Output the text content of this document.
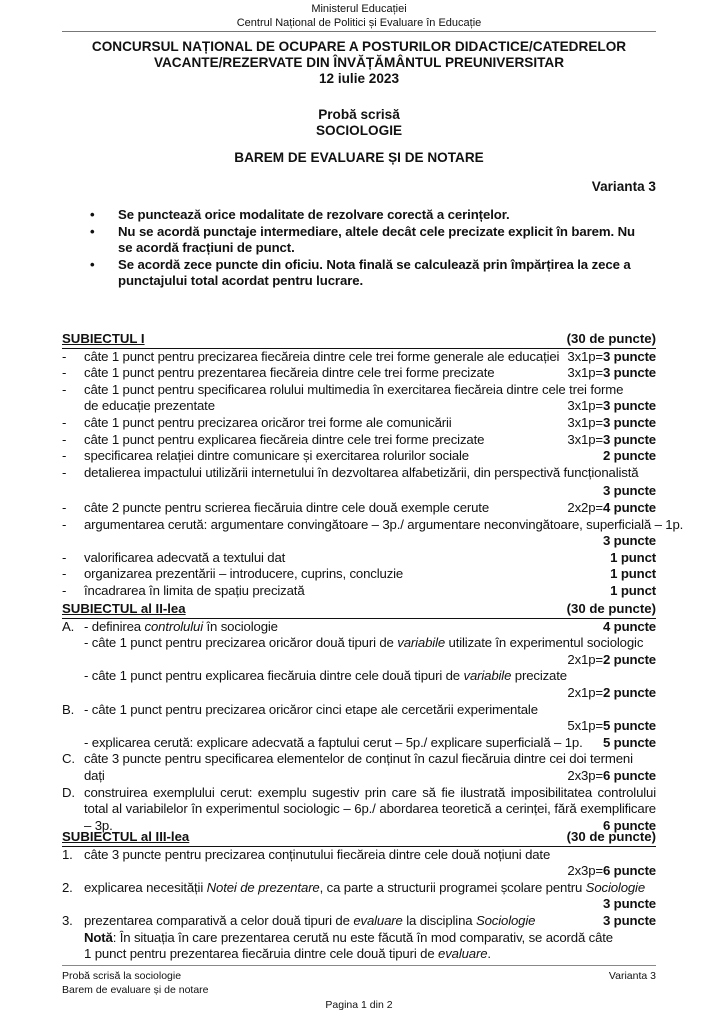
Ministerul Educației
Centrul Național de Politici și Evaluare în Educație
CONCURSUL NAȚIONAL DE OCUPARE A POSTURILOR DIDACTICE/CATEDRELOR
VACANTE/REZERVATE DIN ÎNVĂȚĂMÂNTUL PREUNIVERSITAR
12 iulie 2023
Probă scrisă
SOCIOLOGIE
BAREM DE EVALUARE ȘI DE NOTARE
Varianta 3
• Se punctează orice modalitate de rezolvare corectă a cerințelor.
• Nu se acordă punctaje intermediare, altele decât cele precizate explicit în barem. Nu
se acordă fracțiuni de punct.
• Se acordă zece puncte din oficiu. Nota finală se calculează prin împărțirea la zece a
punctajului total acordat pentru lucrare.
SUBIECTUL I	(30 de puncte)
- câte 1 punct pentru precizarea fiecăreia dintre cele trei forme generale ale educației 3x1p=3 puncte
- câte 1 punct pentru prezentarea fiecăreia dintre cele trei forme precizate	3x1p=3 puncte
- câte 1 punct pentru specificarea rolului multimedia în exercitarea fiecăreia dintre cele trei forme
de educație prezentate	3x1p=3 puncte
- câte 1 punct pentru precizarea oricăror trei forme ale comunicării	3x1p=3 puncte
- câte 1 punct pentru explicarea fiecăreia dintre cele trei forme precizate	3x1p=3 puncte
- specificarea relației dintre comunicare și exercitarea rolurilor sociale	2 puncte
- detalierea impactului utilizării internetului în dezvoltarea alfabetizării, din perspectivă funcționalistă
3 puncte
- câte 2 puncte pentru scrierea fiecăruia dintre cele două exemple cerute	2x2p=4 puncte
- argumentarea cerută: argumentare convingătoare – 3p./ argumentare neconvingătoare, superficială – 1p.
3 puncte
- valorificarea adecvată a textului dat	1 punct
- organizarea prezentării – introducere, cuprins, concluzie	1 punct
- încadrarea în limita de spațiu precizată	1 punct
SUBIECTUL al II-lea	(30 de puncte)
A. - definirea controlului în sociologie	4 puncte
- câte 1 punct pentru precizarea oricăror două tipuri de variabile utilizate în experimentul sociologic
2x1p=2 puncte
- câte 1 punct pentru explicarea fiecăruia dintre cele două tipuri de variabile precizate
2x1p=2 puncte
B. - câte 1 punct pentru precizarea oricăror cinci etape ale cercetării experimentale
5x1p=5 puncte
- explicarea cerută: explicare adecvată a faptului cerut – 5p./ explicare superficială – 1p. 5 puncte
C. câte 3 puncte pentru specificarea elementelor de conținut în cazul fiecăruia dintre cei doi termeni
dați	2x3p=6 puncte
D. construirea exemplului cerut: exemplu sugestiv prin care să fie ilustrată imposibilitatea controlului total al variabilelor în experimentul sociologic – 6p./ abordarea teoretică a cerinței, fără exemplificare – 3p.	6 puncte
SUBIECTUL al III-lea	(30 de puncte)
1. câte 3 puncte pentru precizarea conținutului fiecăreia dintre cele două noțiuni date
2x3p=6 puncte
2. explicarea necesității Notei de prezentare, ca parte a structurii programei școlare pentru Sociologie
3 puncte
3. prezentarea comparativă a celor două tipuri de evaluare la disciplina Sociologie	3 puncte
Notă: În situația în care prezentarea cerută nu este făcută în mod comparativ, se acordă câte
1 punct pentru prezentarea fiecăruia dintre cele două tipuri de evaluare.
Probă scrisă la sociologie
Barem de evaluare și de notare
Varianta 3
Pagina 1 din 2
